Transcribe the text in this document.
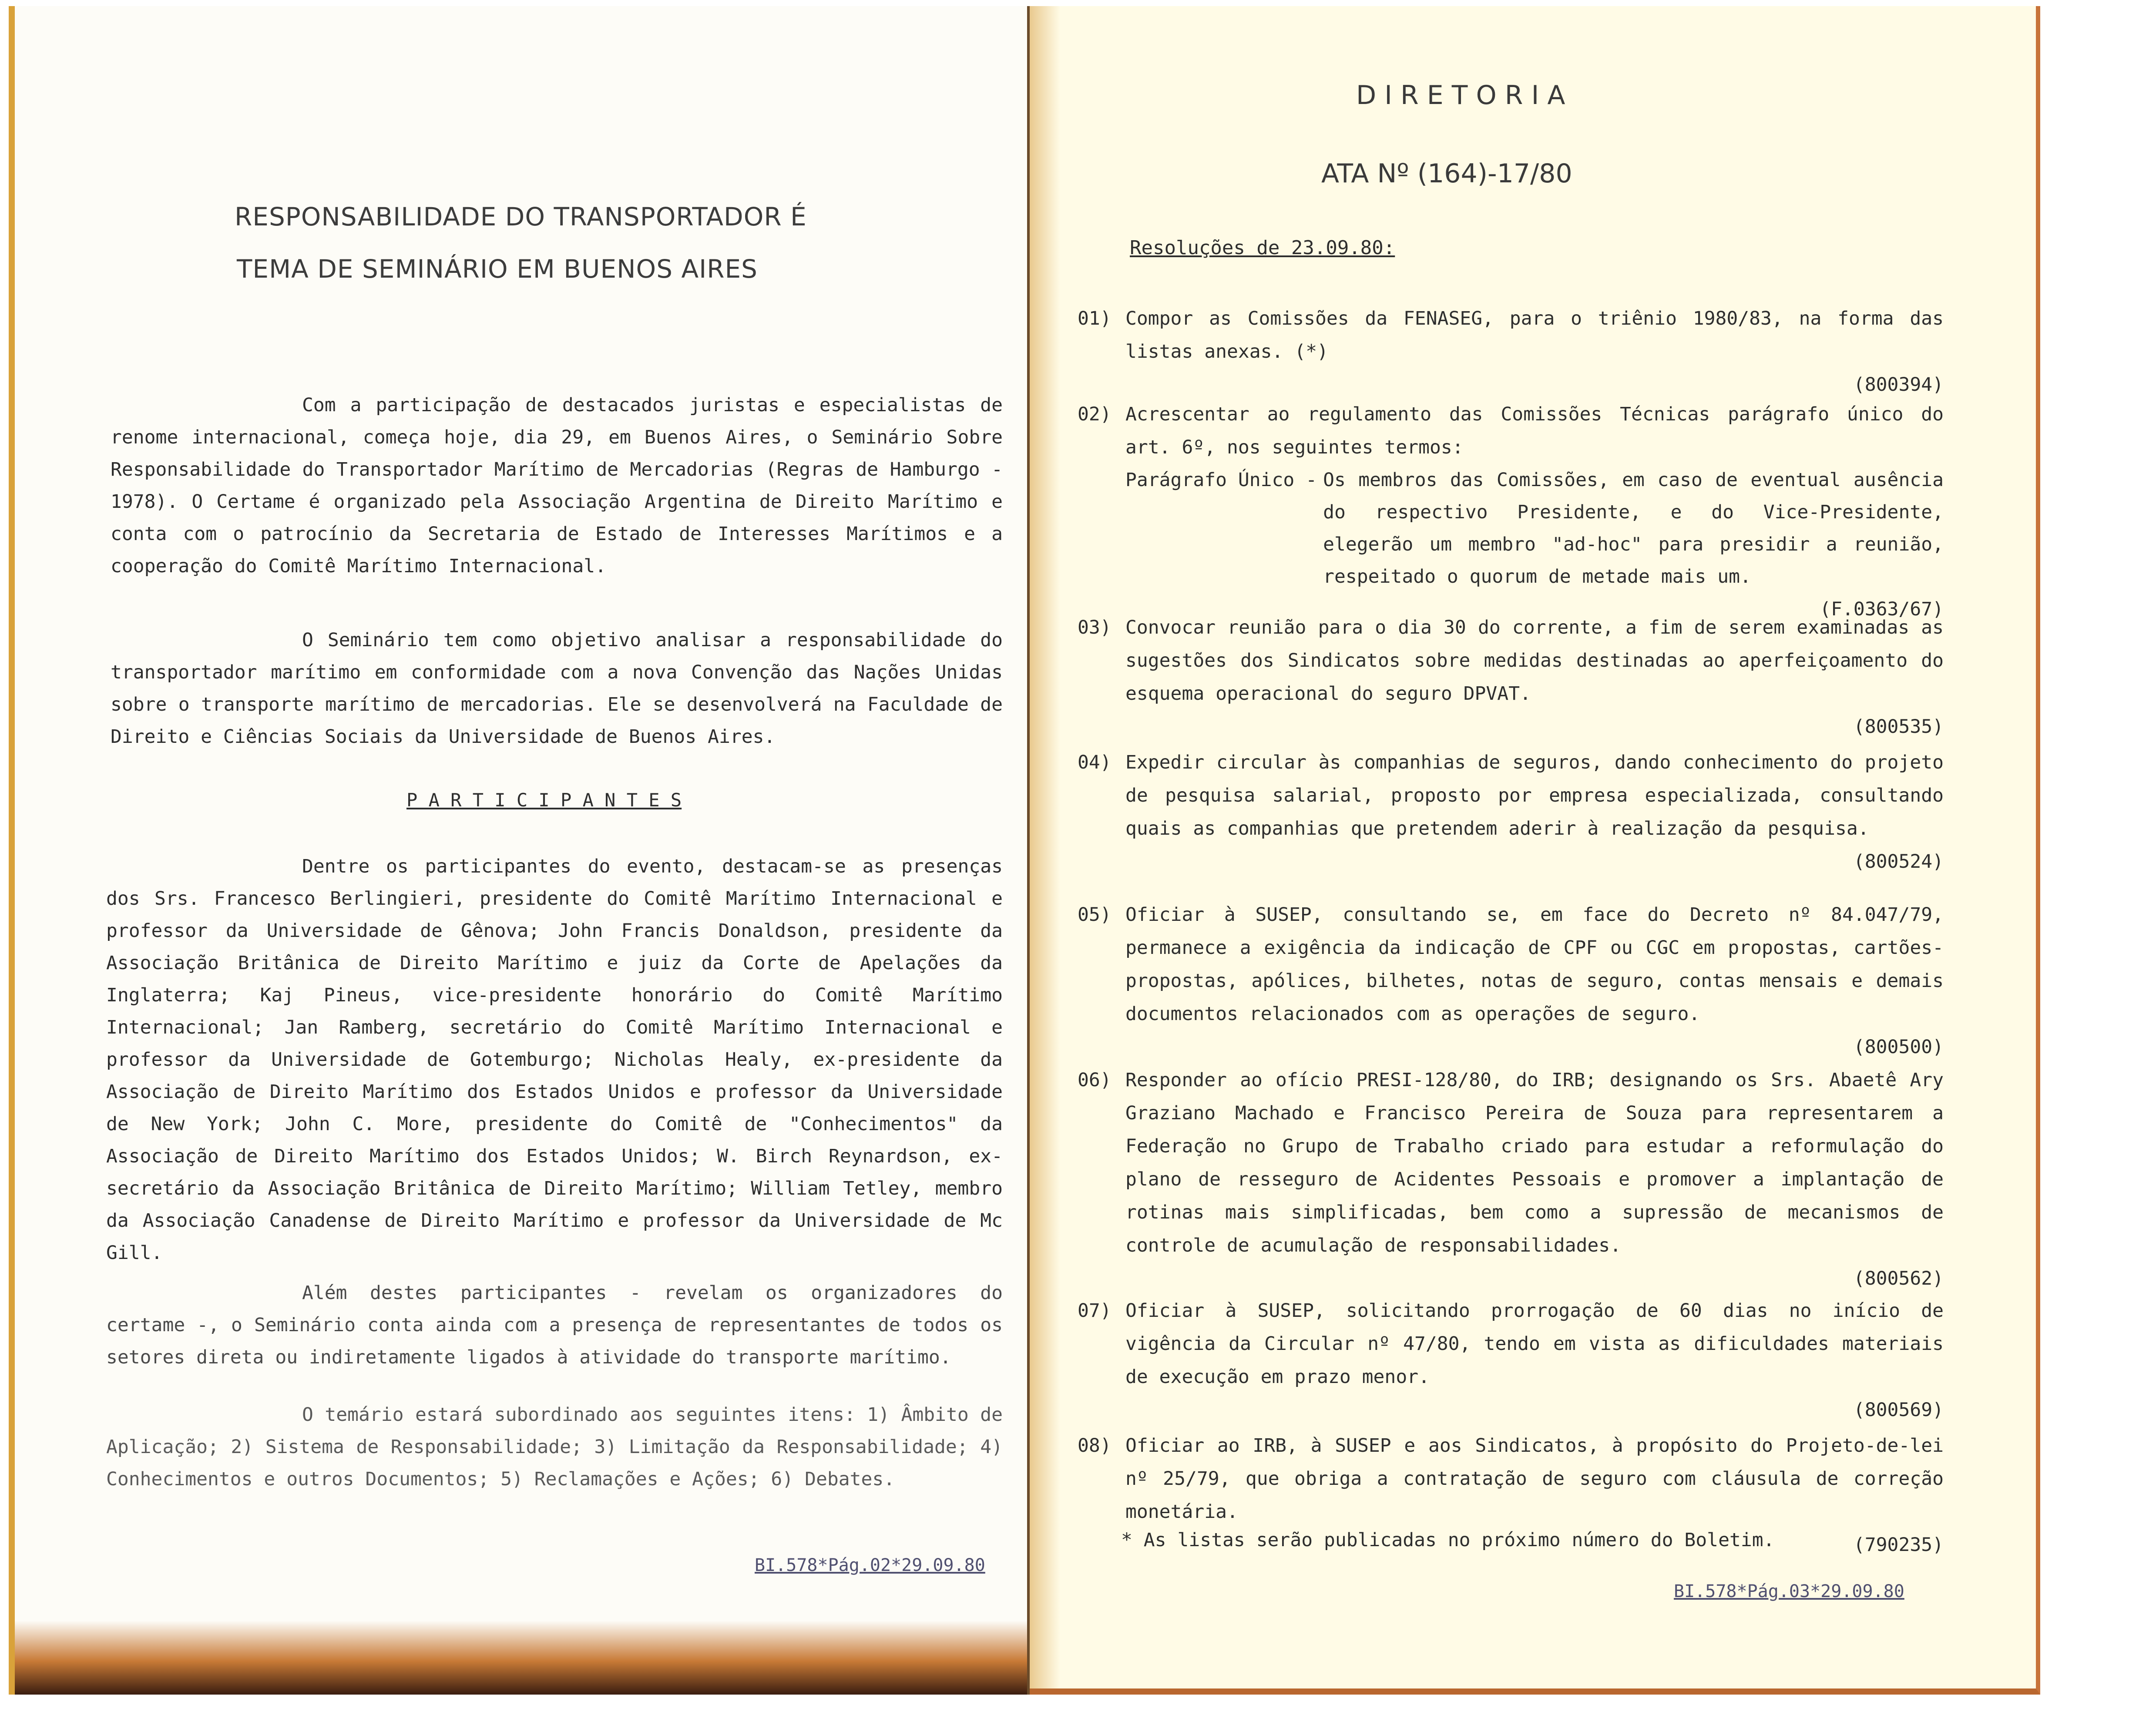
RESPONSABILIDADE DO TRANSPORTADOR É
TEMA DE SEMINÁRIO EM BUENOS AIRES

Com a participação de destacados juristas e especialistas de renome internacional, começa hoje, dia 29, em Buenos Aires, o Seminário Sobre Responsabilidade do Transportador Marítimo de Mercadorias (Regras de Hamburgo - 1978). O Certame é organizado pela Associação Argentina de Direito Marítimo e conta com o patrocínio da Secretaria de Estado de Interesses Marítimos e a cooperação do Comitê Marítimo Internacional.

O Seminário tem como objetivo analisar a responsabilidade do transportador marítimo em conformidade com a nova Convenção das Nações Unidas sobre o transporte marítimo de mercadorias. Ele se desenvolverá na Faculdade de Direito e Ciências Sociais da Universidade de Buenos Aires.

P A R T I C I P A N T E S

Dentre os participantes do evento, destacam-se as presenças dos Srs. Francesco Berlingieri, presidente do Comitê Marítimo Internacional e professor da Universidade de Gênova; John Francis Donaldson, presidente da Associação Britânica de Direito Marítimo e juiz da Corte de Apelações da Inglaterra; Kaj Pineus, vice-presidente honorário do Comitê Marítimo Internacional; Jan Ramberg, secretário do Comitê Marítimo Internacional e professor da Universidade de Gotemburgo; Nicholas Healy, ex-presidente da Associação de Direito Marítimo dos Estados Unidos e professor da Universidade de New York; John C. More, presidente do Comitê de "Conhecimentos" da Associação de Direito Marítimo dos Estados Unidos; W. Birch Reynardson, ex-secretário da Associação Britânica de Direito Marítimo; William Tetley, membro da Associação Canadense de Direito Marítimo e professor da Universidade de Mc Gill.

Além destes participantes - revelam os organizadores do certame -, o Seminário conta ainda com a presença de representantes de todos os setores direta ou indiretamente ligados à atividade do transporte marítimo.

O temário estará subordinado aos seguintes itens: 1) Âmbito de Aplicação; 2) Sistema de Responsabilidade; 3) Limitação da Responsabilidade; 4) Conhecimentos e outros Documentos; 5) Reclamações e Ações; 6) Debates.

BI.578*Pág.02*29.09.80
D I R E T O R I A
ATA Nº (164)-17/80
Resoluções de 23.09.80:
01) Compor as Comissões da FENASEG, para o triênio 1980/83, na forma das listas anexas. (*)
(800394)
02) Acrescentar ao regulamento das Comissões Técnicas parágrafo único do art. 6º, nos seguintes termos:
Parágrafo Único - Os membros das Comissões, em caso de eventual ausência do respectivo Presidente, e do Vice-Presidente, elegerão um membro "ad-hoc" para presidir a reunião, respeitado o quorum de metade mais um.
(F.0363/67)
03) Convocar reunião para o dia 30 do corrente, a fim de serem examinadas as sugestões dos Sindicatos sobre medidas destinadas ao aperfeiçoamento do esquema operacional do seguro DPVAT.
(800535)
04) Expedir circular às companhias de seguros, dando conhecimento do projeto de pesquisa salarial, proposto por empresa especializada, consultando quais as companhias que pretendem aderir à realização da pesquisa.
(800524)
05) Oficiar à SUSEP, consultando se, em face do Decreto nº 84.047/79, permanece a exigência da indicação de CPF ou CGC em propostas, cartões-propostas, apólices, bilhetes, notas de seguro, contas mensais e demais documentos relacionados com as operações de seguro.
(800500)
06) Responder ao ofício PRESI-128/80, do IRB; designando os Srs. Abaetê Ary Graziano Machado e Francisco Pereira de Souza para representarem a Federação no Grupo de Trabalho criado para estudar a reformulação do plano de resseguro de Acidentes Pessoais e promover a implantação de rotinas mais simplificadas, bem como a supressão de mecanismos de controle de acumulação de responsabilidades.
(800562)
07) Oficiar à SUSEP, solicitando prorrogação de 60 dias no início de vigência da Circular nº 47/80, tendo em vista as dificuldades materiais de execução em prazo menor.
(800569)
08) Oficiar ao IRB, à SUSEP e aos Sindicatos, à propósito do Projeto-de-lei nº 25/79, que obriga a contratação de seguro com cláusula de correção monetária.
(790235)
* As listas serão publicadas no próximo número do Boletim.
BI.578*Pág.03*29.09.80
